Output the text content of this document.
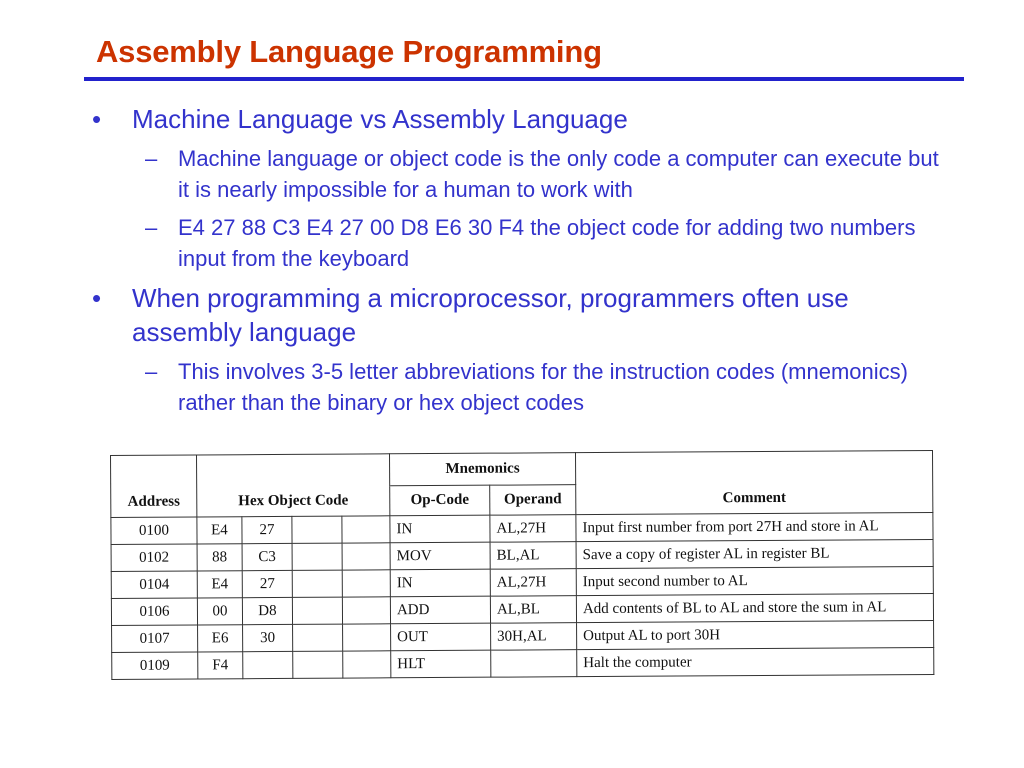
Assembly Language Programming
• Machine Language vs Assembly Language
– Machine language or object code is the only code a computer can execute but it is nearly impossible for a human to work with
– E4 27 88 C3 E4 27 00 D8 E6 30 F4 the object code for adding two numbers input from the keyboard
• When programming a microprocessor, programmers often use assembly language
– This involves 3-5 letter abbreviations for the instruction codes (mnemonics) rather than the binary or hex object codes
					Mnemonics		
Address	Hex Object Code				Op-Code	Operand	Comment
0100	E4	27			IN	AL,27H	Input first number from port 27H and store in AL
0102	88	C3			MOV	BL,AL	Save a copy of register AL in register BL
0104	E4	27			IN	AL,27H	Input second number to AL
0106	00	D8			ADD	AL,BL	Add contents of BL to AL and store the sum in AL
0107	E6	30			OUT	30H,AL	Output AL to port 30H
0109	F4				HLT		Halt the computer
